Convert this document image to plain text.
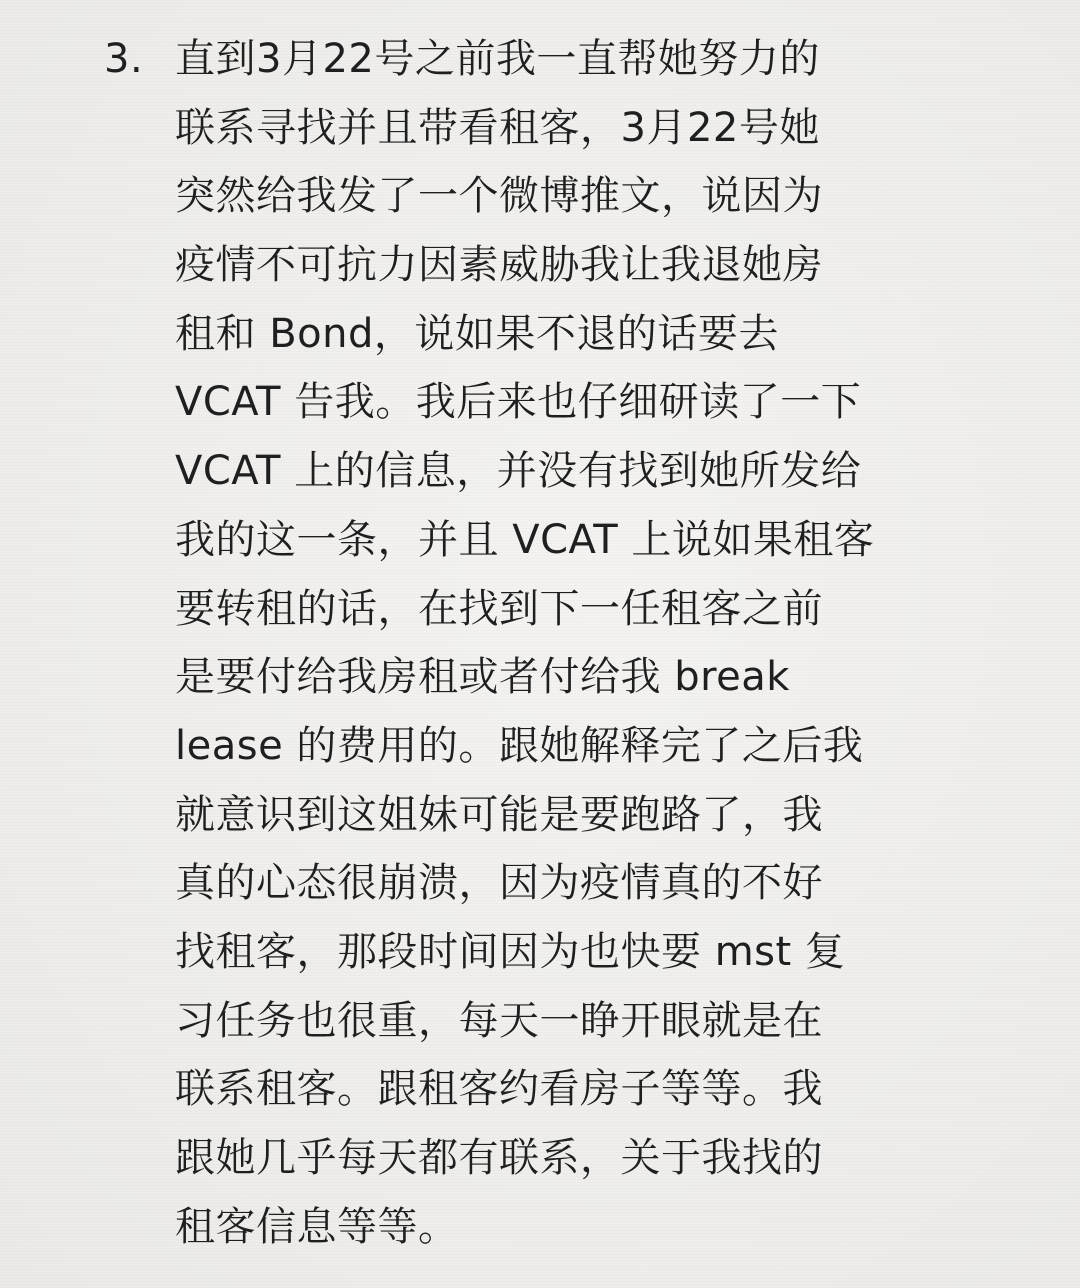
3. 直到3月22号之前我一直帮她努力的
联系寻找并且带看租客，3月22号她
突然给我发了一个微博推文，说因为
疫情不可抗力因素威胁我让我退她房
租和 Bond，说如果不退的话要去
VCAT 告我。我后来也仔细研读了一下
VCAT 上的信息，并没有找到她所发给
我的这一条，并且 VCAT 上说如果租客
要转租的话，在找到下一任租客之前
是要付给我房租或者付给我 break
lease 的费用的。跟她解释完了之后我
就意识到这姐妹可能是要跑路了，我
真的心态很崩溃，因为疫情真的不好
找租客，那段时间因为也快要 mst 复
习任务也很重，每天一睁开眼就是在
联系租客。跟租客约看房子等等。我
跟她几乎每天都有联系，关于我找的
租客信息等等。
